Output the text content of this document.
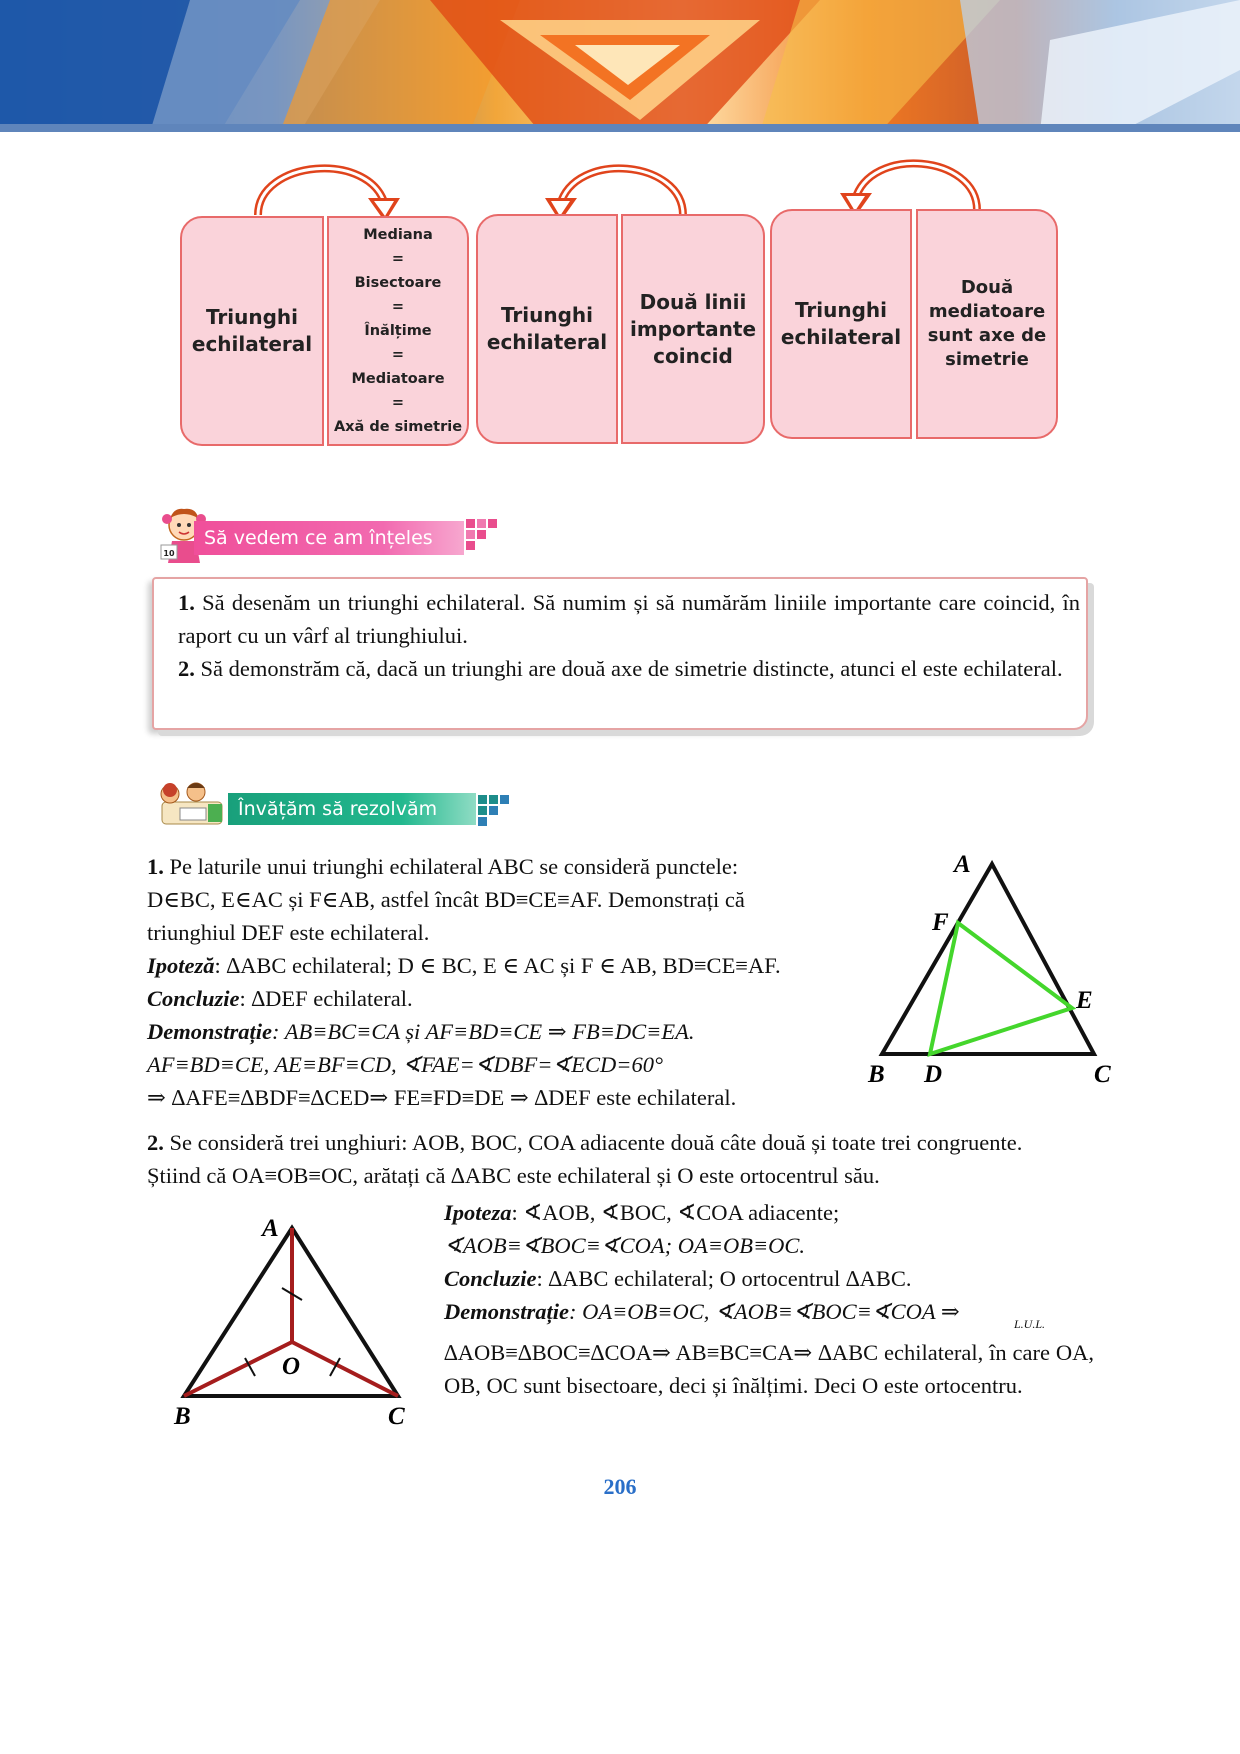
Triunghi echilateral
Mediana
=
Bisectoare
=
Înălțime
=
Mediatoare
=
Axă de simetrie
Triunghi echilateral
Două linii importante coincid
Triunghi echilateral
Două mediatoare sunt axe de simetrie
10
Să vedem ce am înțeles
1. Să desenăm un triunghi echilateral. Să numim și să numărăm liniile importante care coincid, în raport cu un vârf al triunghiului.
2. Să demonstrăm că, dacă un triunghi are două axe de simetrie distincte, atunci el este echilateral.
Învățăm să rezolvăm
1. Pe laturile unui triunghi echilateral ABC se consideră punctele:
D∈BC, E∈AC și F∈AB, astfel încât BD≡CE≡AF. Demonstrați că
triunghiul DEF este echilateral.
Ipoteză: ∆ABC echilateral; D ∈ BC, E ∈ AC și F ∈ AB, BD≡CE≡AF.
Concluzie: ∆DEF echilateral.
Demonstrație: AB≡BC≡CA și AF≡BD≡CE ⇒ FB≡DC≡EA.
AF≡BD≡CE, AE≡BF≡CD, ∢FAE=∢DBF=∢ECD=60°
⇒ ∆AFE≡∆BDF≡∆CED⇒ FE≡FD≡DE ⇒ ∆DEF este echilateral.
A
F
E
B D	C
2. Se consideră trei unghiuri: AOB, BOC, COA adiacente două câte două și toate trei congruente.
Știind că OA≡OB≡OC, arătați că ∆ABC este echilateral și O este ortocentrul său.
A
O
B	C
Ipoteza: ∢AOB, ∢BOC, ∢COA adiacente;
∢AOB≡∢BOC≡∢COA; OA≡OB≡OC.
Concluzie: ∆ABC echilateral; O ortocentrul ∆ABC.
Demonstrație: OA≡OB≡OC, ∢AOB≡∢BOC≡∢COA ⇒	L.U.L.
∆AOB≡∆BOC≡∆COA⇒ AB≡BC≡CA⇒ ∆ABC echilateral, în care OA, OB, OC sunt bisectoare, deci și înălțimi. Deci O este ortocentru.
206
